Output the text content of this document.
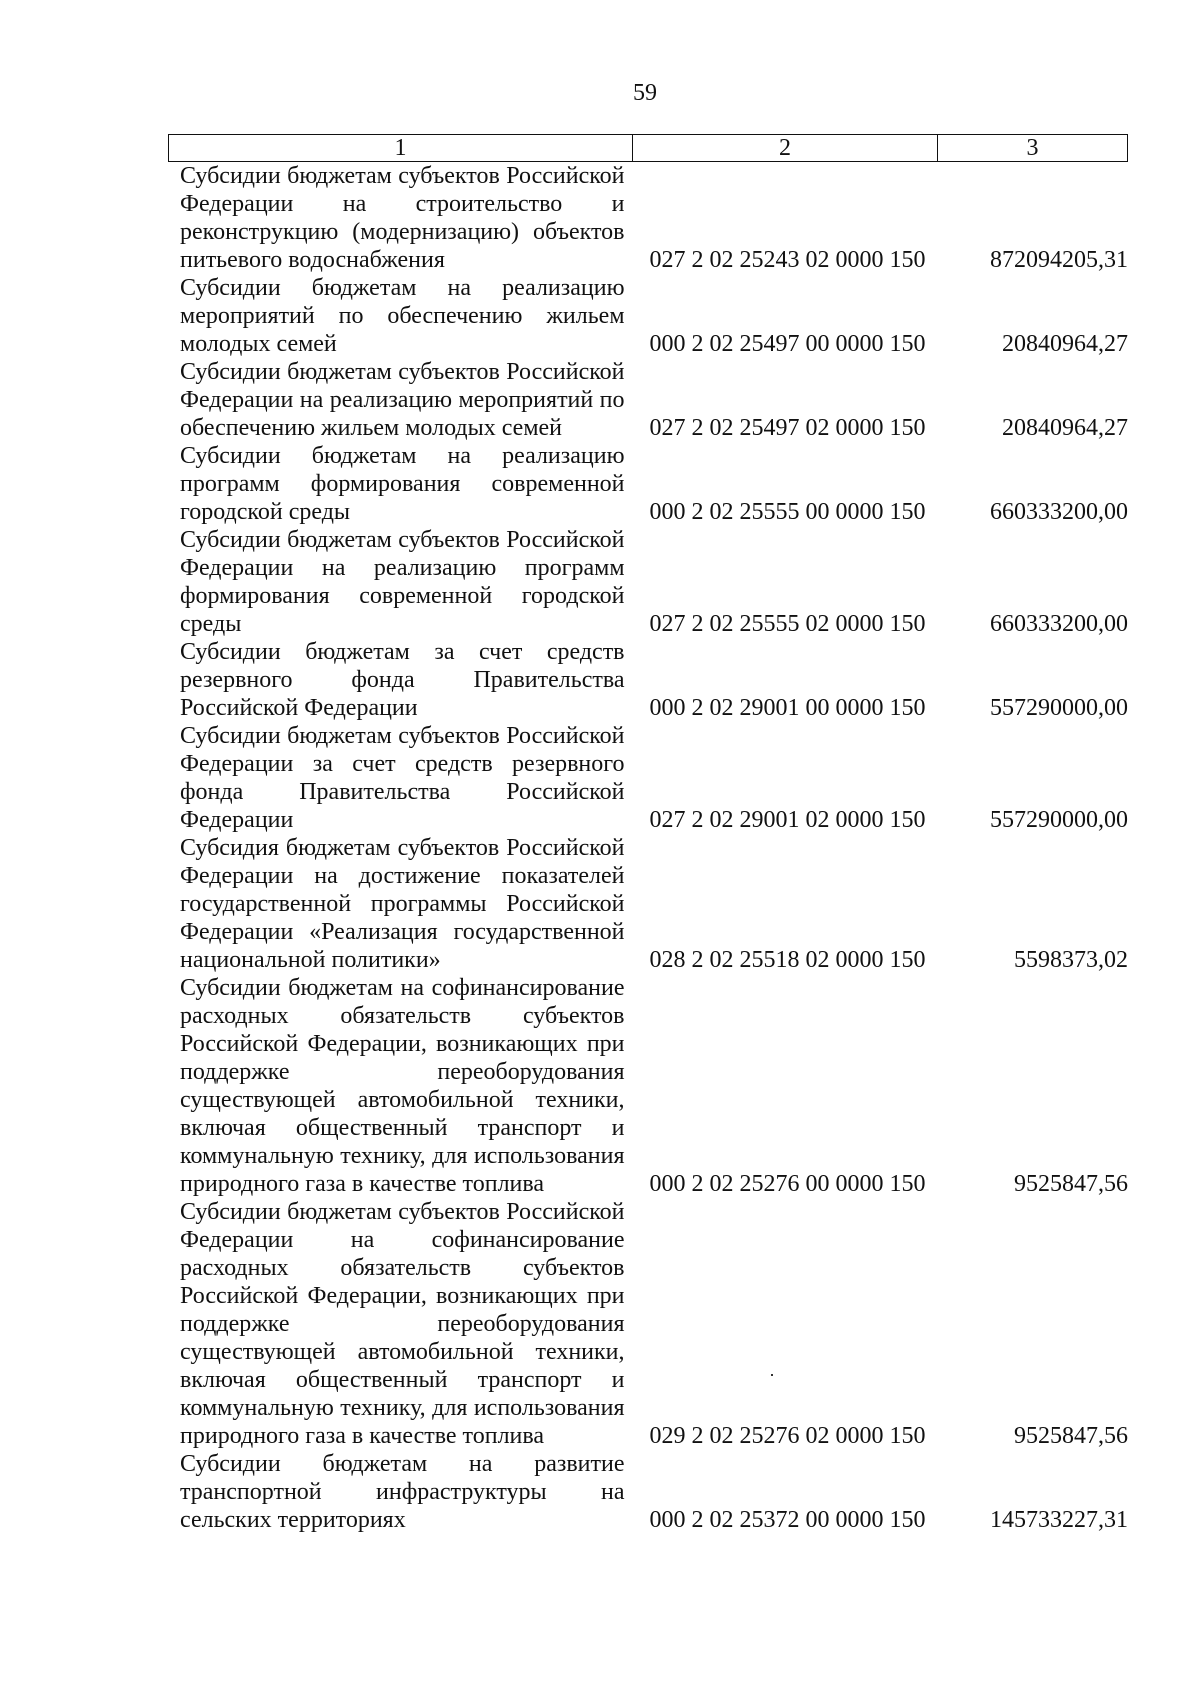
59
1	2	3
Субсидии бюджетам субъектов Российской Федерации на строительство и реконструкцию (модернизацию) объектов питьевого водоснабжения	027 2 02 25243 02 0000 150	872094205,31
Субсидии бюджетам на реализацию мероприятий по обеспечению жильем молодых семей	000 2 02 25497 00 0000 150	20840964,27
Субсидии бюджетам субъектов Российской Федерации на реализацию мероприятий по обеспечению жильем молодых семей	027 2 02 25497 02 0000 150	20840964,27
Субсидии бюджетам на реализацию программ формирования современной городской среды	000 2 02 25555 00 0000 150	660333200,00
Субсидии бюджетам субъектов Российской Федерации на реализацию программ формирования современной городской среды	027 2 02 25555 02 0000 150	660333200,00
Субсидии бюджетам за счет средств резервного фонда Правительства Российской Федерации	000 2 02 29001 00 0000 150	557290000,00
Субсидии бюджетам субъектов Российской Федерации за счет средств резервного фонда Правительства Российской Федерации	027 2 02 29001 02 0000 150	557290000,00
Субсидия бюджетам субъектов Российской Федерации на достижение показателей государственной программы Российской Федерации «Реализация государственной национальной политики»	028 2 02 25518 02 0000 150	5598373,02
Субсидии бюджетам на софинансирование расходных обязательств субъектов Российской Федерации, возникающих при поддержке переоборудования существующей автомобильной техники, включая общественный транспорт и коммунальную технику, для использования природного газа в качестве топлива	000 2 02 25276 00 0000 150	9525847,56
Субсидии бюджетам субъектов Российской Федерации на софинансирование расходных обязательств субъектов Российской Федерации, возникающих при поддержке переоборудования существующей автомобильной техники, включая общественный транспорт и коммунальную технику, для использования природного газа в качестве топлива	029 2 02 25276 02 0000 150	9525847,56
Субсидии бюджетам на развитие транспортной инфраструктуры на сельских территориях	000 2 02 25372 00 0000 150	145733227,31
